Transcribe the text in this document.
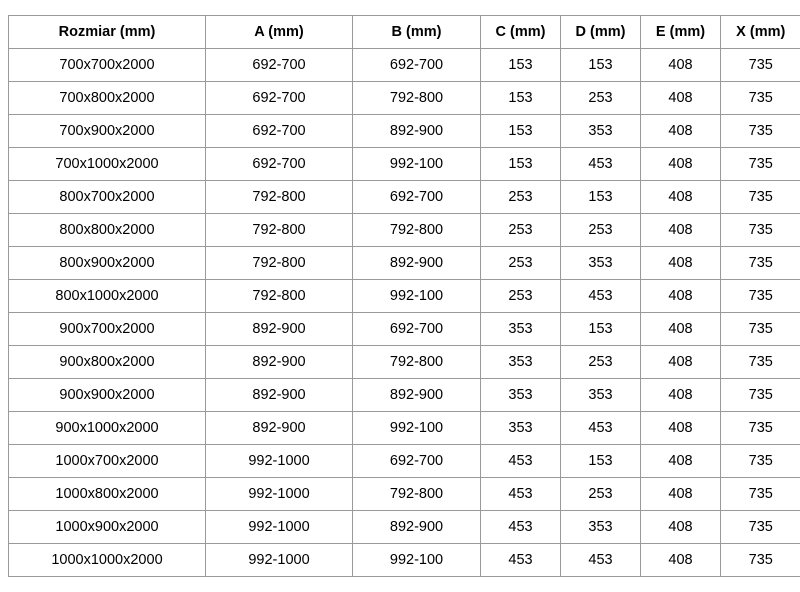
Rozmiar (mm)	A (mm)	B (mm)	C (mm)	D (mm)	E (mm)	X (mm)
700x700x2000	692-700	692-700	153	153	408	735
700x800x2000	692-700	792-800	153	253	408	735
700x900x2000	692-700	892-900	153	353	408	735
700x1000x2000	692-700	992-100	153	453	408	735
800x700x2000	792-800	692-700	253	153	408	735
800x800x2000	792-800	792-800	253	253	408	735
800x900x2000	792-800	892-900	253	353	408	735
800x1000x2000	792-800	992-100	253	453	408	735
900x700x2000	892-900	692-700	353	153	408	735
900x800x2000	892-900	792-800	353	253	408	735
900x900x2000	892-900	892-900	353	353	408	735
900x1000x2000	892-900	992-100	353	453	408	735
1000x700x2000	992-1000	692-700	453	153	408	735
1000x800x2000	992-1000	792-800	453	253	408	735
1000x900x2000	992-1000	892-900	453	353	408	735
1000x1000x2000	992-1000	992-100	453	453	408	735
